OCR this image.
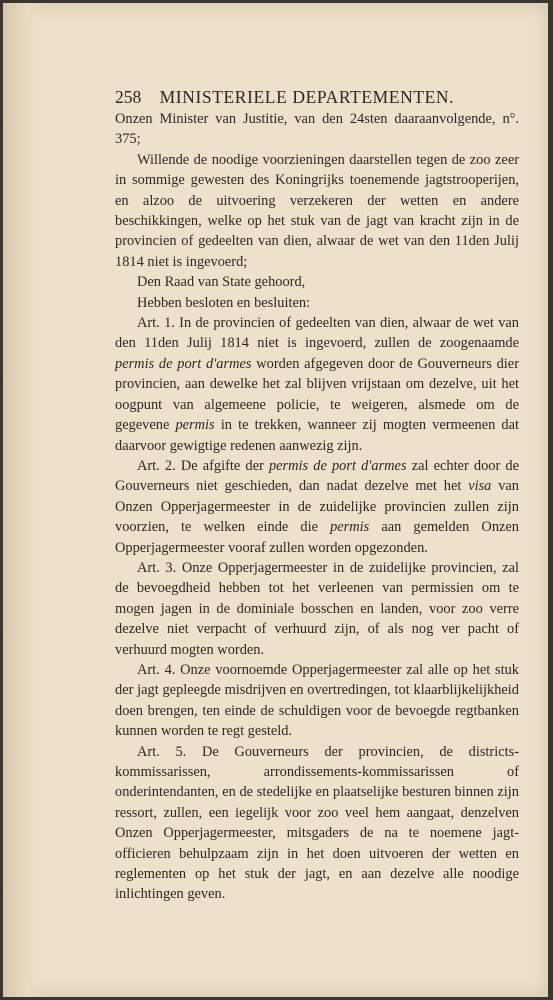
258 MINISTERIELE DEPARTEMENTEN.

Onzen Minister van Justitie, van den 24sten daaraanvolgende, n°. 375;

Willende de noodige voorzieningen daarstellen tegen de zoo zeer in sommige gewesten des Koningrijks toenemende jagtstrooperijen, en alzoo de uitvoering verzekeren der wetten en andere beschikkingen, welke op het stuk van de jagt van kracht zijn in de provincien of gedeelten van dien, alwaar de wet van den 11den Julij 1814 niet is ingevoerd;

Den Raad van State gehoord,

Hebben besloten en besluiten:

Art. 1. In de provincien of gedeelten van dien, alwaar de wet van den 11den Julij 1814 niet is ingevoerd, zullen de zoogenaamde permis de port d'armes worden afgegeven door de Gouverneurs dier provincien, aan dewelke het zal blijven vrijstaan om dezelve, uit het oogpunt van algemeene policie, te weigeren, alsmede om de gegevene permis in te trekken, wanneer zij mogten vermeenen dat daarvoor gewigtige redenen aanwezig zijn.

Art. 2. De afgifte der permis de port d'armes zal echter door de Gouverneurs niet geschieden, dan nadat dezelve met het visa van Onzen Opperjagermeester in de zuidelijke provincien zullen zijn voorzien, te welken einde die permis aan gemelden Onzen Opperjagermeester vooraf zullen worden opgezonden.

Art. 3. Onze Opperjagermeester in de zuidelijke provincien, zal de bevoegdheid hebben tot het verleenen van permissien om te mogen jagen in de dominiale bosschen en landen, voor zoo verre dezelve niet verpacht of verhuurd zijn, of als nog ver pacht of verhuurd mogten worden.

Art. 4. Onze voornoemde Opperjagermeester zal alle op het stuk der jagt gepleegde misdrijven en overtredingen, tot klaarblijkelijkheid doen brengen, ten einde de schuldigen voor de bevoegde regtbanken kunnen worden te regt gesteld.

Art. 5. De Gouverneurs der provincien, de districts-kommissarissen, arrondissements-kommissarissen of onderintendanten, en de stedelijke en plaatselijke besturen binnen zijn ressort, zullen, een iegelijk voor zoo veel hem aangaat, denzelven Onzen Opperjagermeester, mitsgaders de na te noemene jagt-officieren behulpzaam zijn in het doen uitvoeren der wetten en reglementen op het stuk der jagt, en aan dezelve alle noodige inlichtingen geven.
